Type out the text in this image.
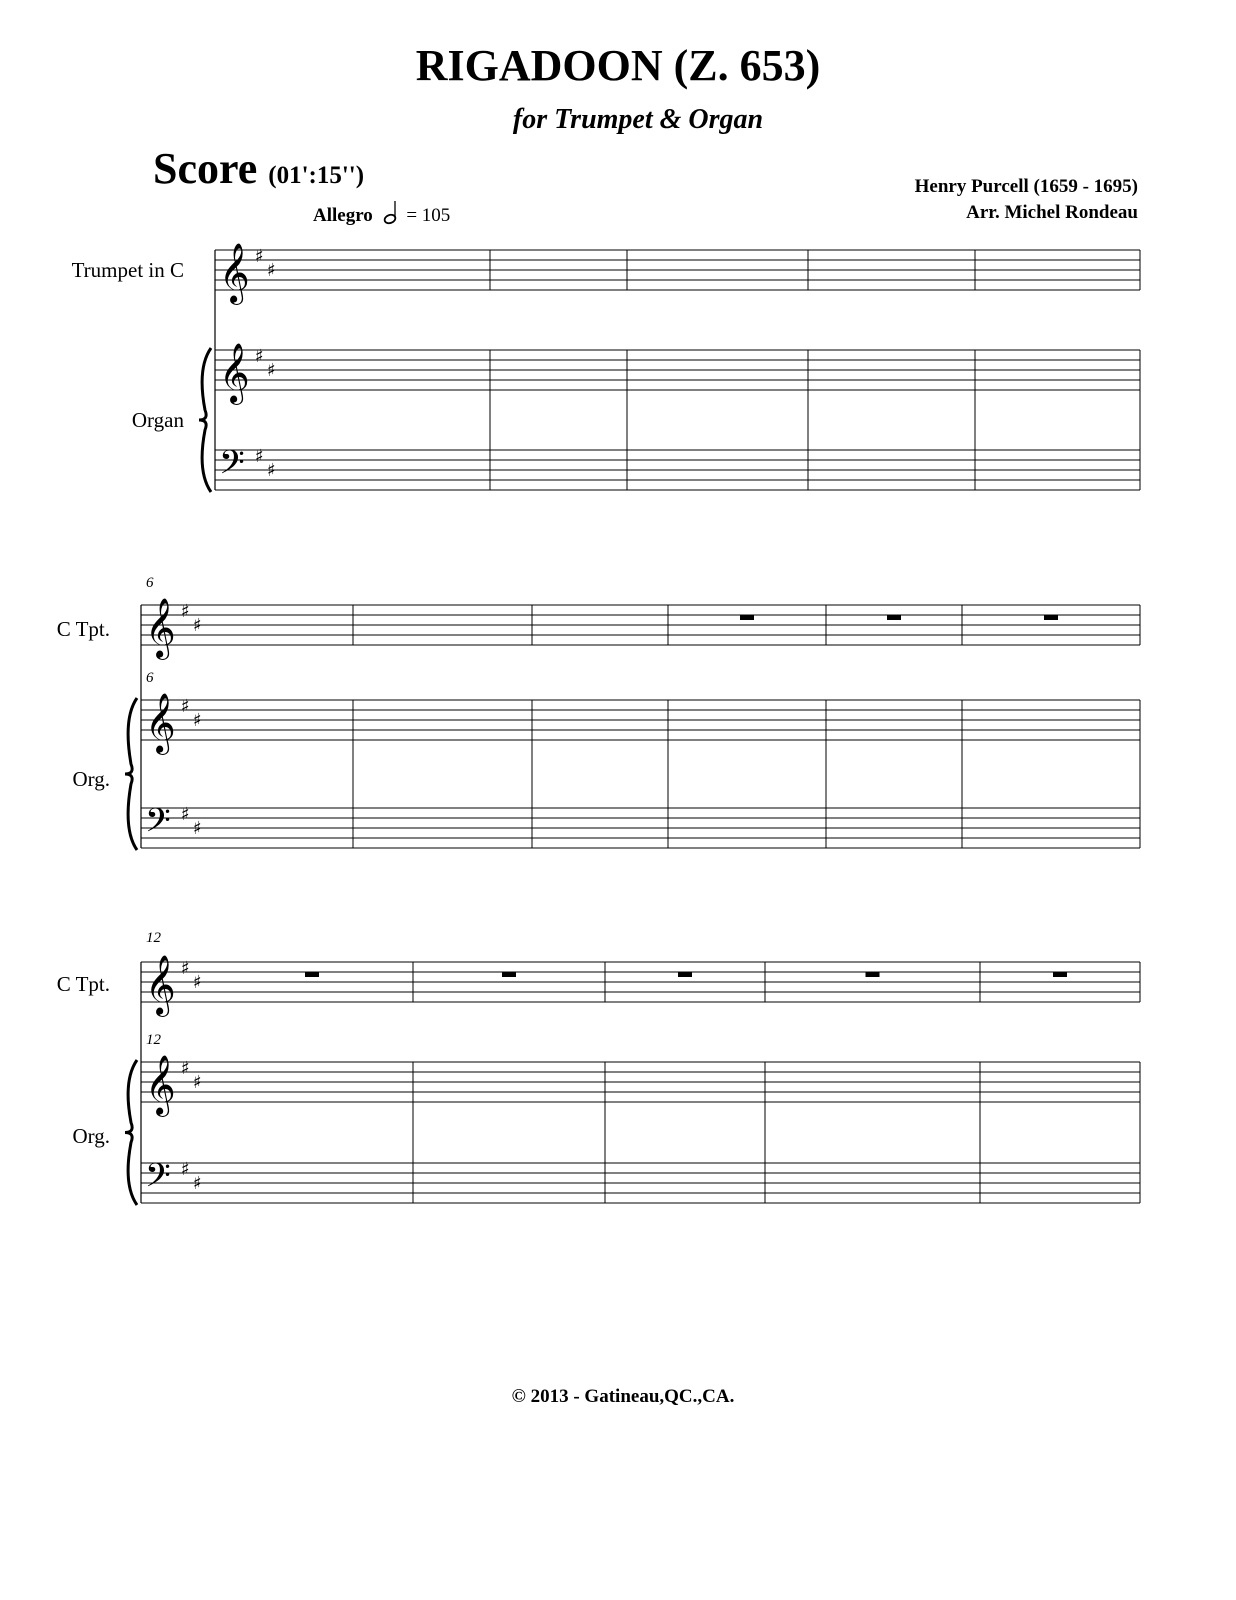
RIGADOON (Z. 653)
for Trumpet & Organ
Score (01':15'')	Henry Purcell (1659 - 1695)
Arr. Michel Rondeau
Allegro = 105
Trumpet in C
Organ
𝄞 ♯
♯
𝄞 ♯
♯
𝄢 ♯
♯
6
6
C Tpt.
Org.
𝄞 ♯
♯
𝄞 ♯
♯
𝄢 ♯
♯
12
12
C Tpt.
Org.
𝄞 ♯
♯
𝄞 ♯
♯
𝄢 ♯
♯
© 2013 - Gatineau,QC.,CA.
